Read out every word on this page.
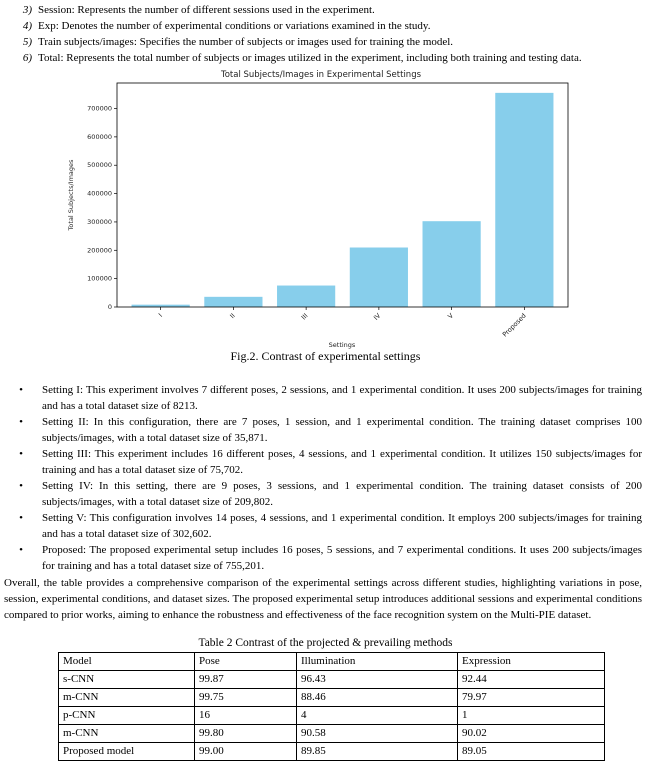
3) Session: Represents the number of different sessions used in the experiment.
4) Exp: Denotes the number of experimental conditions or variations examined in the study.
5) Train subjects/images: Specifies the number of subjects or images used for training the model.
6) Total: Represents the total number of subjects or images utilized in the experiment, including both training and testing data.
Total Subjects/Images in Experimental Settings
0
100000
200000
300000
400000
500000
600000
700000
I	II	III	IV	V	Proposed
Total Subjects/Images
Settings
Fig.2. Contrast of experimental settings
•	Setting I: This experiment involves 7 different poses, 2 sessions, and 1 experimental condition. It uses 200 subjects/images for training and has a total dataset size of 8213.
•	Setting II: In this configuration, there are 7 poses, 1 session, and 1 experimental condition. The training dataset comprises 100 subjects/images, with a total dataset size of 35,871.
•	Setting III: This experiment includes 16 different poses, 4 sessions, and 1 experimental condition. It utilizes 150 subjects/images for training and has a total dataset size of 75,702.
•	Setting IV: In this setting, there are 9 poses, 3 sessions, and 1 experimental condition. The training dataset consists of 200 subjects/images, with a total dataset size of 209,802.
•	Setting V: This configuration involves 14 poses, 4 sessions, and 1 experimental condition. It employs 200 subjects/images for training and has a total dataset size of 302,602.
•	Proposed: The proposed experimental setup includes 16 poses, 5 sessions, and 7 experimental conditions. It uses 200 subjects/images for training and has a total dataset size of 755,201.
Overall, the table provides a comprehensive comparison of the experimental settings across different studies, highlighting variations in pose, session, experimental conditions, and dataset sizes. The proposed experimental setup introduces additional sessions and experimental conditions compared to prior works, aiming to enhance the robustness and effectiveness of the face recognition system on the Multi-PIE dataset.
Table 2 Contrast of the projected & prevailing methods
Model	Pose	Illumination	Expression
s-CNN	99.87	96.43	92.44
m-CNN	99.75	88.46	79.97
p-CNN	16	4	1
m-CNN	99.80	90.58	90.02
Proposed model	99.00	89.85	89.05
